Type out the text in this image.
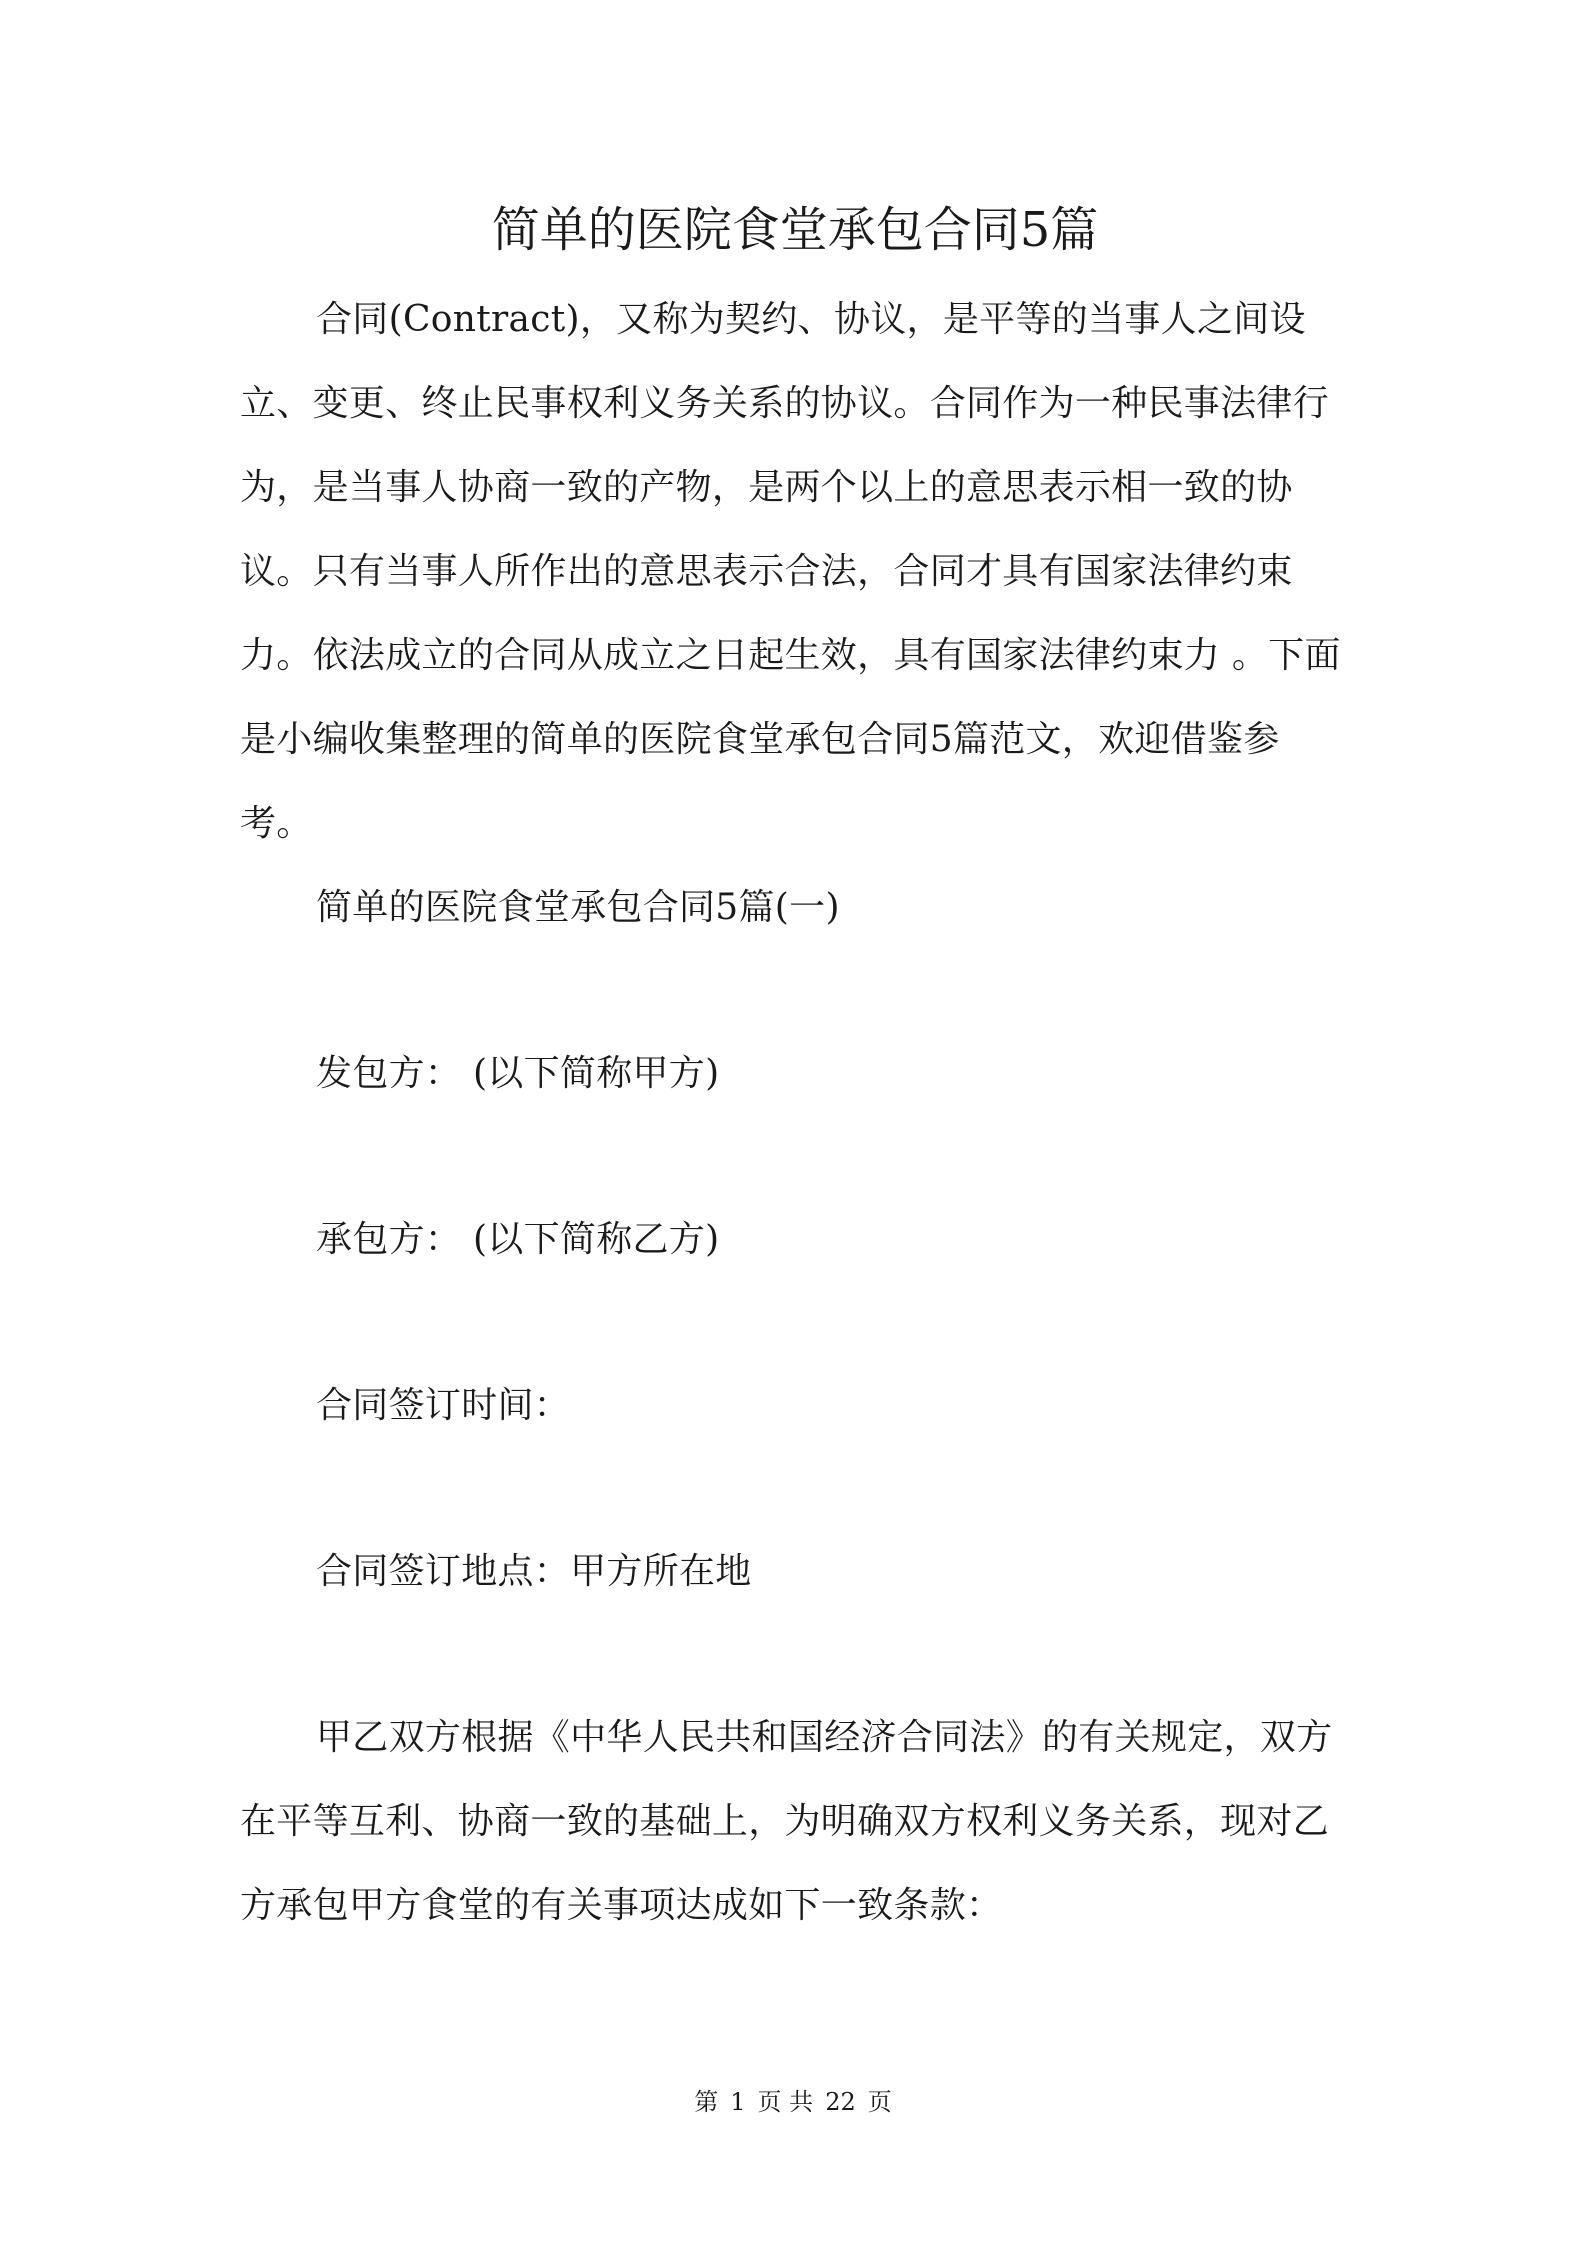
简单的医院食堂承包合同5篇

合同(Contract)，又称为契约、协议，是平等的当事人之间设立、变更、终止民事权利义务关系的协议。合同作为一种民事法律行为，是当事人协商一致的产物，是两个以上的意思表示相一致的协议。只有当事人所作出的意思表示合法，合同才具有国家法律约束力。依法成立的合同从成立之日起生效，具有国家法律约束力 。下面是小编收集整理的简单的医院食堂承包合同5篇范文，欢迎借鉴参考。

简单的医院食堂承包合同5篇(一)

发包方： (以下简称甲方)

承包方： (以下简称乙方)

合同签订时间：

合同签订地点：甲方所在地

甲乙双方根据《中华人民共和国经济合同法》的有关规定，双方在平等互利、协商一致的基础上，为明确双方权利义务关系，现对乙方承包甲方食堂的有关事项达成如下一致条款：

第 1 页 共 22 页
